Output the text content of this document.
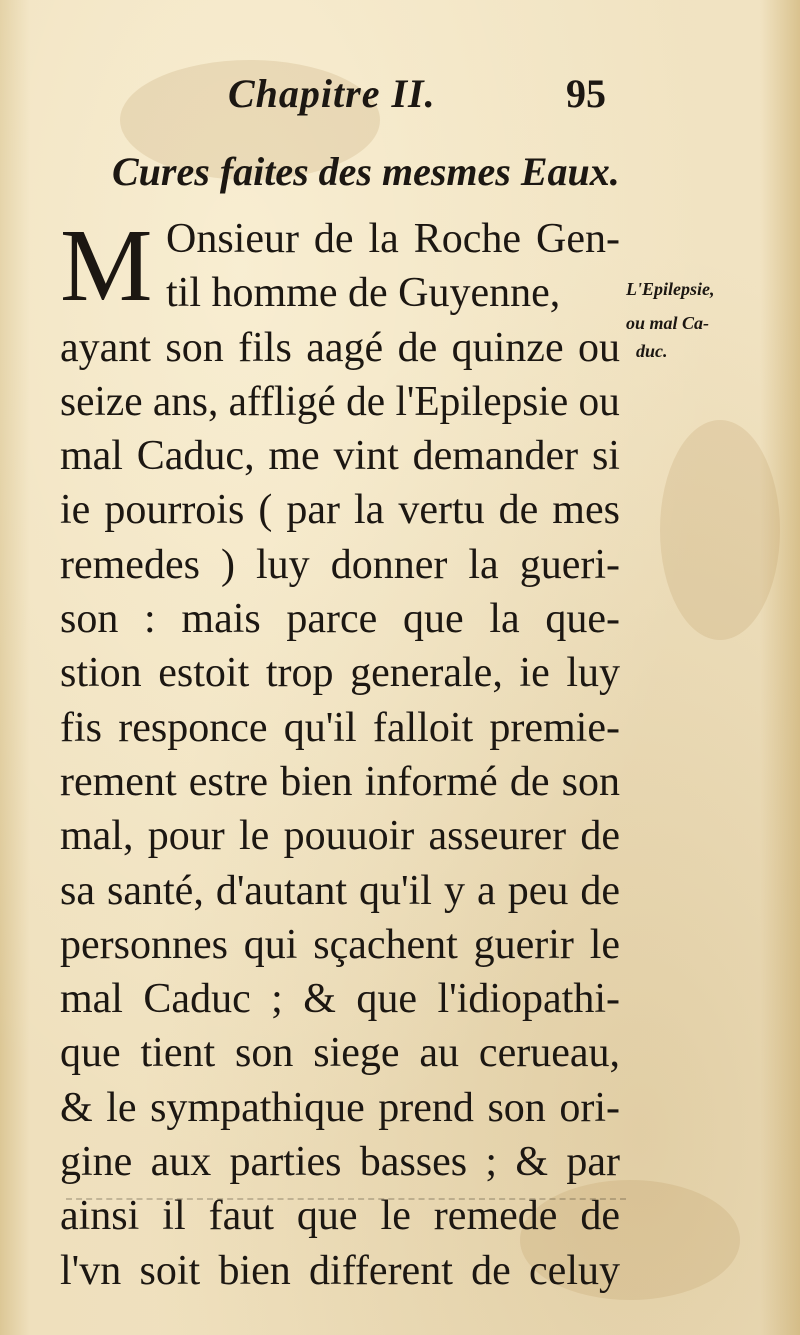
Chapitre II.	95
Cures faites des mesmes Eaux.
M Onsieur de la Roche Gen-
til homme de Guyenne,
ayant son fils aagé de quinze ou
seize ans, affligé de l'Epilepsie ou
mal Caduc, me vint demander si
ie pourrois ( par la vertu de mes
remedes ) luy donner la gueri-
son : mais parce que la que-
stion estoit trop generale, ie luy
fis responce qu'il falloit premie-
rement estre bien informé de son
mal, pour le pouuoir asseurer de
sa santé, d'autant qu'il y a peu de
personnes qui sçachent guerir le
mal Caduc ; & que l'idiopathi-
que tient son siege au cerueau,
& le sympathique prend son ori-
gine aux parties basses ; & par
ainsi il faut que le remede de
l'vn soit bien different de celuy
L'Epilepsie,
ou mal Ca-
duc.
